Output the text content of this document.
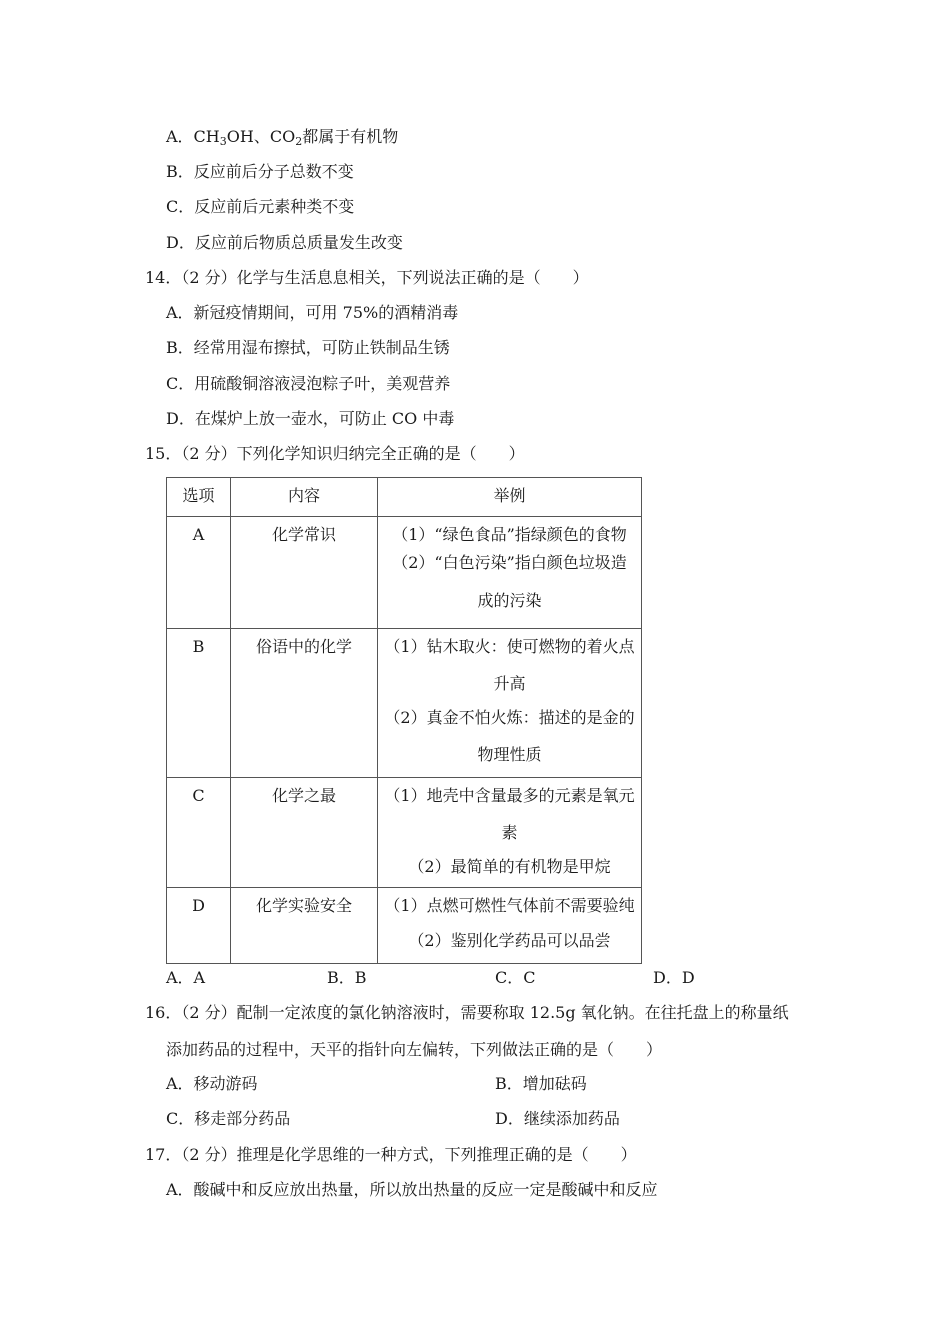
A．$CH_3OH$、$CO_2$都属于有机物
B．反应前后分子总数不变
C．反应前后元素种类不变
D．反应前后物质总质量发生改变
14．（2 分）化学与生活息息相关，下列说法正确的是（　　）
A．新冠疫情期间，可用 75%的酒精消毒
B．经常用湿布擦拭，可防止铁制品生锈
C．用硫酸铜溶液浸泡粽子叶，美观营养
D．在煤炉上放一壶水，可防止 CO 中毒
15．（2 分）下列化学知识归纳完全正确的是（　　）
选项	内容	举例
A	化学常识	（1）“绿色食品”指绿颜色的食物
（2）“白色污染”指白颜色垃圾造
成的污染

B	俗语中的化学	（1）钻木取火：使可燃物的着火点
升高
（2）真金不怕火炼：描述的是金的
物理性质

C	化学之最	（1）地壳中含量最多的元素是氧元
素
（2）最简单的有机物是甲烷

D	化学实验安全	（1）点燃可燃性气体前不需要验纯
（2）鉴别化学药品可以品尝
A．A	B．B	C．C	D．D
16．（2 分）配制一定浓度的氯化钠溶液时，需要称取 12.5g 氧化钠。在往托盘上的称量纸
添加药品的过程中，天平的指针向左偏转，下列做法正确的是（　　）
A．移动游码	B．增加砝码
C．移走部分药品	D．继续添加药品
17．（2 分）推理是化学思维的一种方式，下列推理正确的是（　　）
A．酸碱中和反应放出热量，所以放出热量的反应一定是酸碱中和反应
